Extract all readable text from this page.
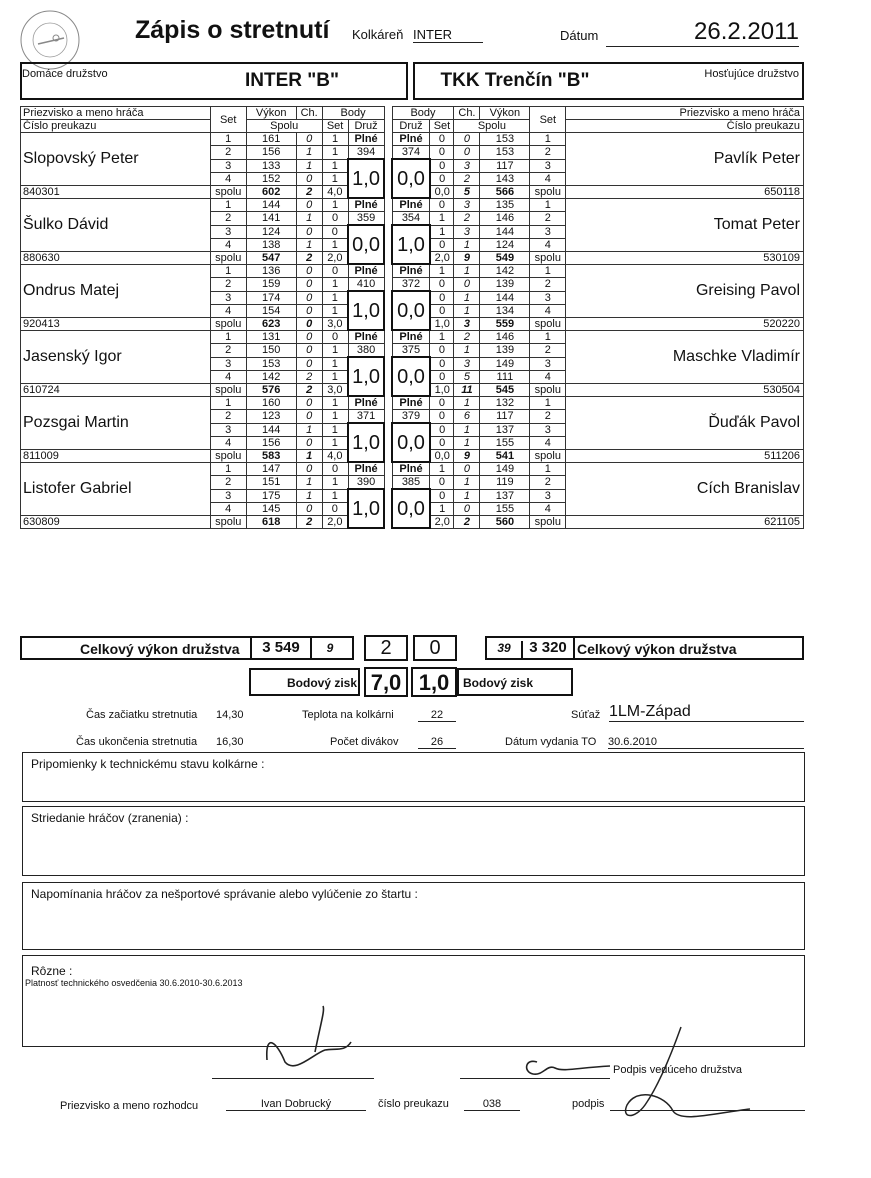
Zápis o stretnutí Kolkáreň INTER	Dátum	26.2.2011
Domáce družstvo	INTER "B"	TKK Trenčín "B"	Hosťujúce družstvo
Priezvisko a meno hráča	Set	Výkon	Ch.	Body			Body		Ch.	Výkon	Set	Priezvisko a meno hráča
Číslo preukazu		Spolu		Set	Druž		Druž	Set	Spolu			Číslo preukazu
Slopovský Peter	1	161	0	1	Plné		Plné	0	0	153	1	Pavlík Peter
	2	156	1	1	394		374	0	0	153	2	
	3	133	1	1	1,0		0,0	0	3	117	3	
	4	152	0	1				0	2	143	4	
840301	spolu	602	2	4,0				0,0	5	566	spolu	650118
Šulko Dávid	1	144	0	1	Plné		Plné	0	3	135	1	Tomat Peter
	2	141	1	0	359		354	1	2	146	2	
	3	124	0	0	0,0		1,0	1	3	144	3	
	4	138	1	1				0	1	124	4	
880630	spolu	547	2	2,0				2,0	9	549	spolu	530109
Ondrus Matej	1	136	0	0	Plné		Plné	1	1	142	1	Greising Pavol
	2	159	0	1	410		372	0	0	139	2	
	3	174	0	1	1,0		0,0	0	1	144	3	
	4	154	0	1				0	1	134	4	
920413	spolu	623	0	3,0				1,0	3	559	spolu	520220
Jasenský Igor	1	131	0	0	Plné		Plné	1	2	146	1	Maschke Vladimír
	2	150	0	1	380		375	0	1	139	2	
	3	153	0	1	1,0		0,0	0	3	149	3	
	4	142	2	1				0	5	111	4	
610724	spolu	576	2	3,0				1,0	11	545	spolu	530504
Pozsgai Martin	1	160	0	1	Plné		Plné	0	1	132	1	Ďuďák Pavol
	2	123	0	1	371		379	0	6	117	2	
	3	144	1	1	1,0		0,0	0	1	137	3	
	4	156	0	1				0	1	155	4	
811009	spolu	583	1	4,0				0,0	9	541	spolu	511206
Listofer Gabriel	1	147	0	0	Plné		Plné	1	0	149	1	Cích Branislav
	2	151	1	1	390		385	0	1	119	2	
	3	175	1	1	1,0		0,0	0	1	137	3	
	4	145	0	0				1	0	155	4	
630809	spolu	618	2	2,0				2,0	2	560	spolu	621105
Celkový výkon družstva	3 549	9	2	0	39	3 320 Celkový výkon družstva
Bodový zisk 7,0 1,0	Bodový zisk
Čas začiatku stretnutia 14,30	Teplota na kolkárni	22	Súťaž 1LM-Západ
Čas ukončenia stretnutia 16,30	Počet divákov	26	Dátum vydania TO 30.6.2010
Pripomienky k technickému stavu kolkárne :
Striedanie hráčov (zranenia) :
Napomínania hráčov za nešportové správanie alebo vylúčenie zo štartu :
Rôzne :
Platnosť technického osvedčenia 30.6.2010-30.6.2013
Podpis vedúceho družstva
Priezvisko a meno rozhodcu	Ivan Dobrucký	číslo preukazu	038	podpis
